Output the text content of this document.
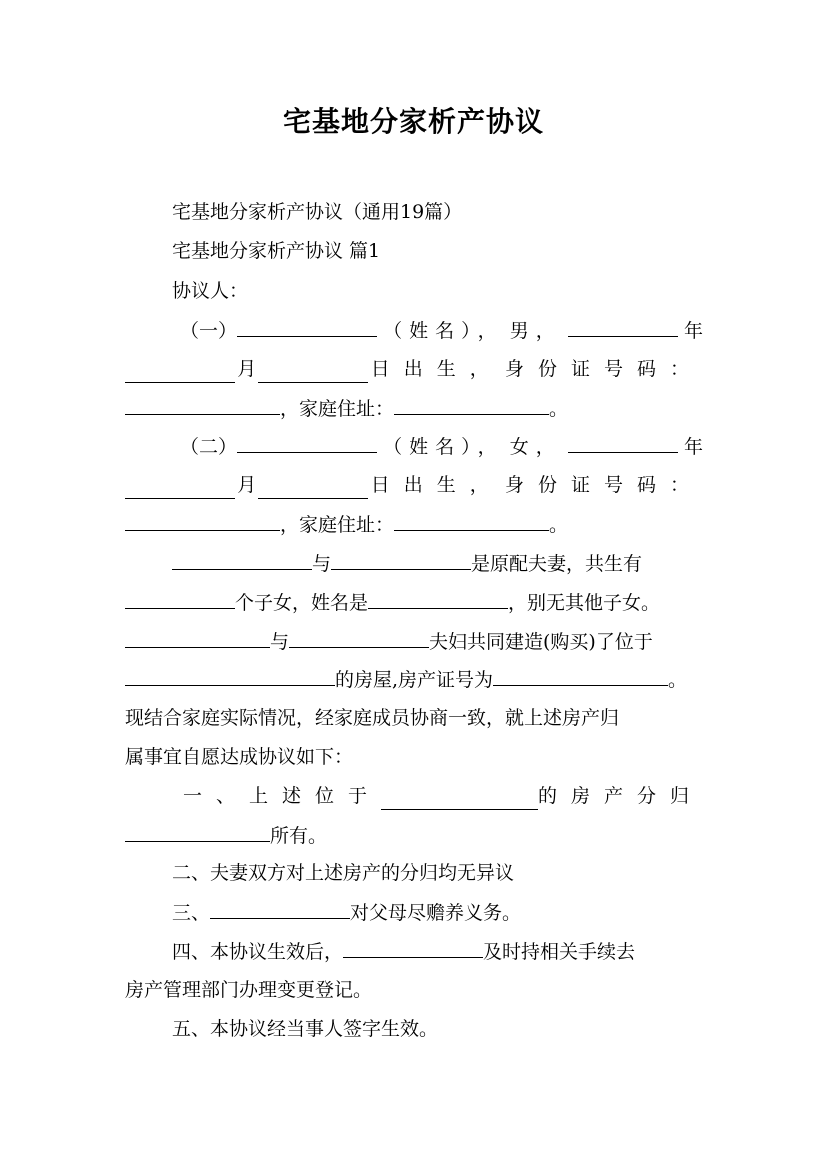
宅基地分家析产协议
宅基地分家析产协议（通用19篇）
宅基地分家析产协议 篇1
协议人：
（一）	（姓名）， 男，	年
月	日出生， 身份证号码：
，家庭住址：	。
（二）	（姓名）， 女，	年
月	日出生， 身份证号码：
，家庭住址：	。
与	是原配夫妻，共生有
个子女，姓名是	，别无其他子女。
与	夫妇共同建造(购买)了位于
的房屋,房产证号为	。
现结合家庭实际情况，经家庭成员协商一致，就上述房产归
属事宜自愿达成协议如下：
一、上述位于	的房产分归
所有。
二、夫妻双方对上述房产的分归均无异议
三、	对父母尽赡养义务。
四、本协议生效后，	及时持相关手续去
房产管理部门办理变更登记。
五、本协议经当事人签字生效。
